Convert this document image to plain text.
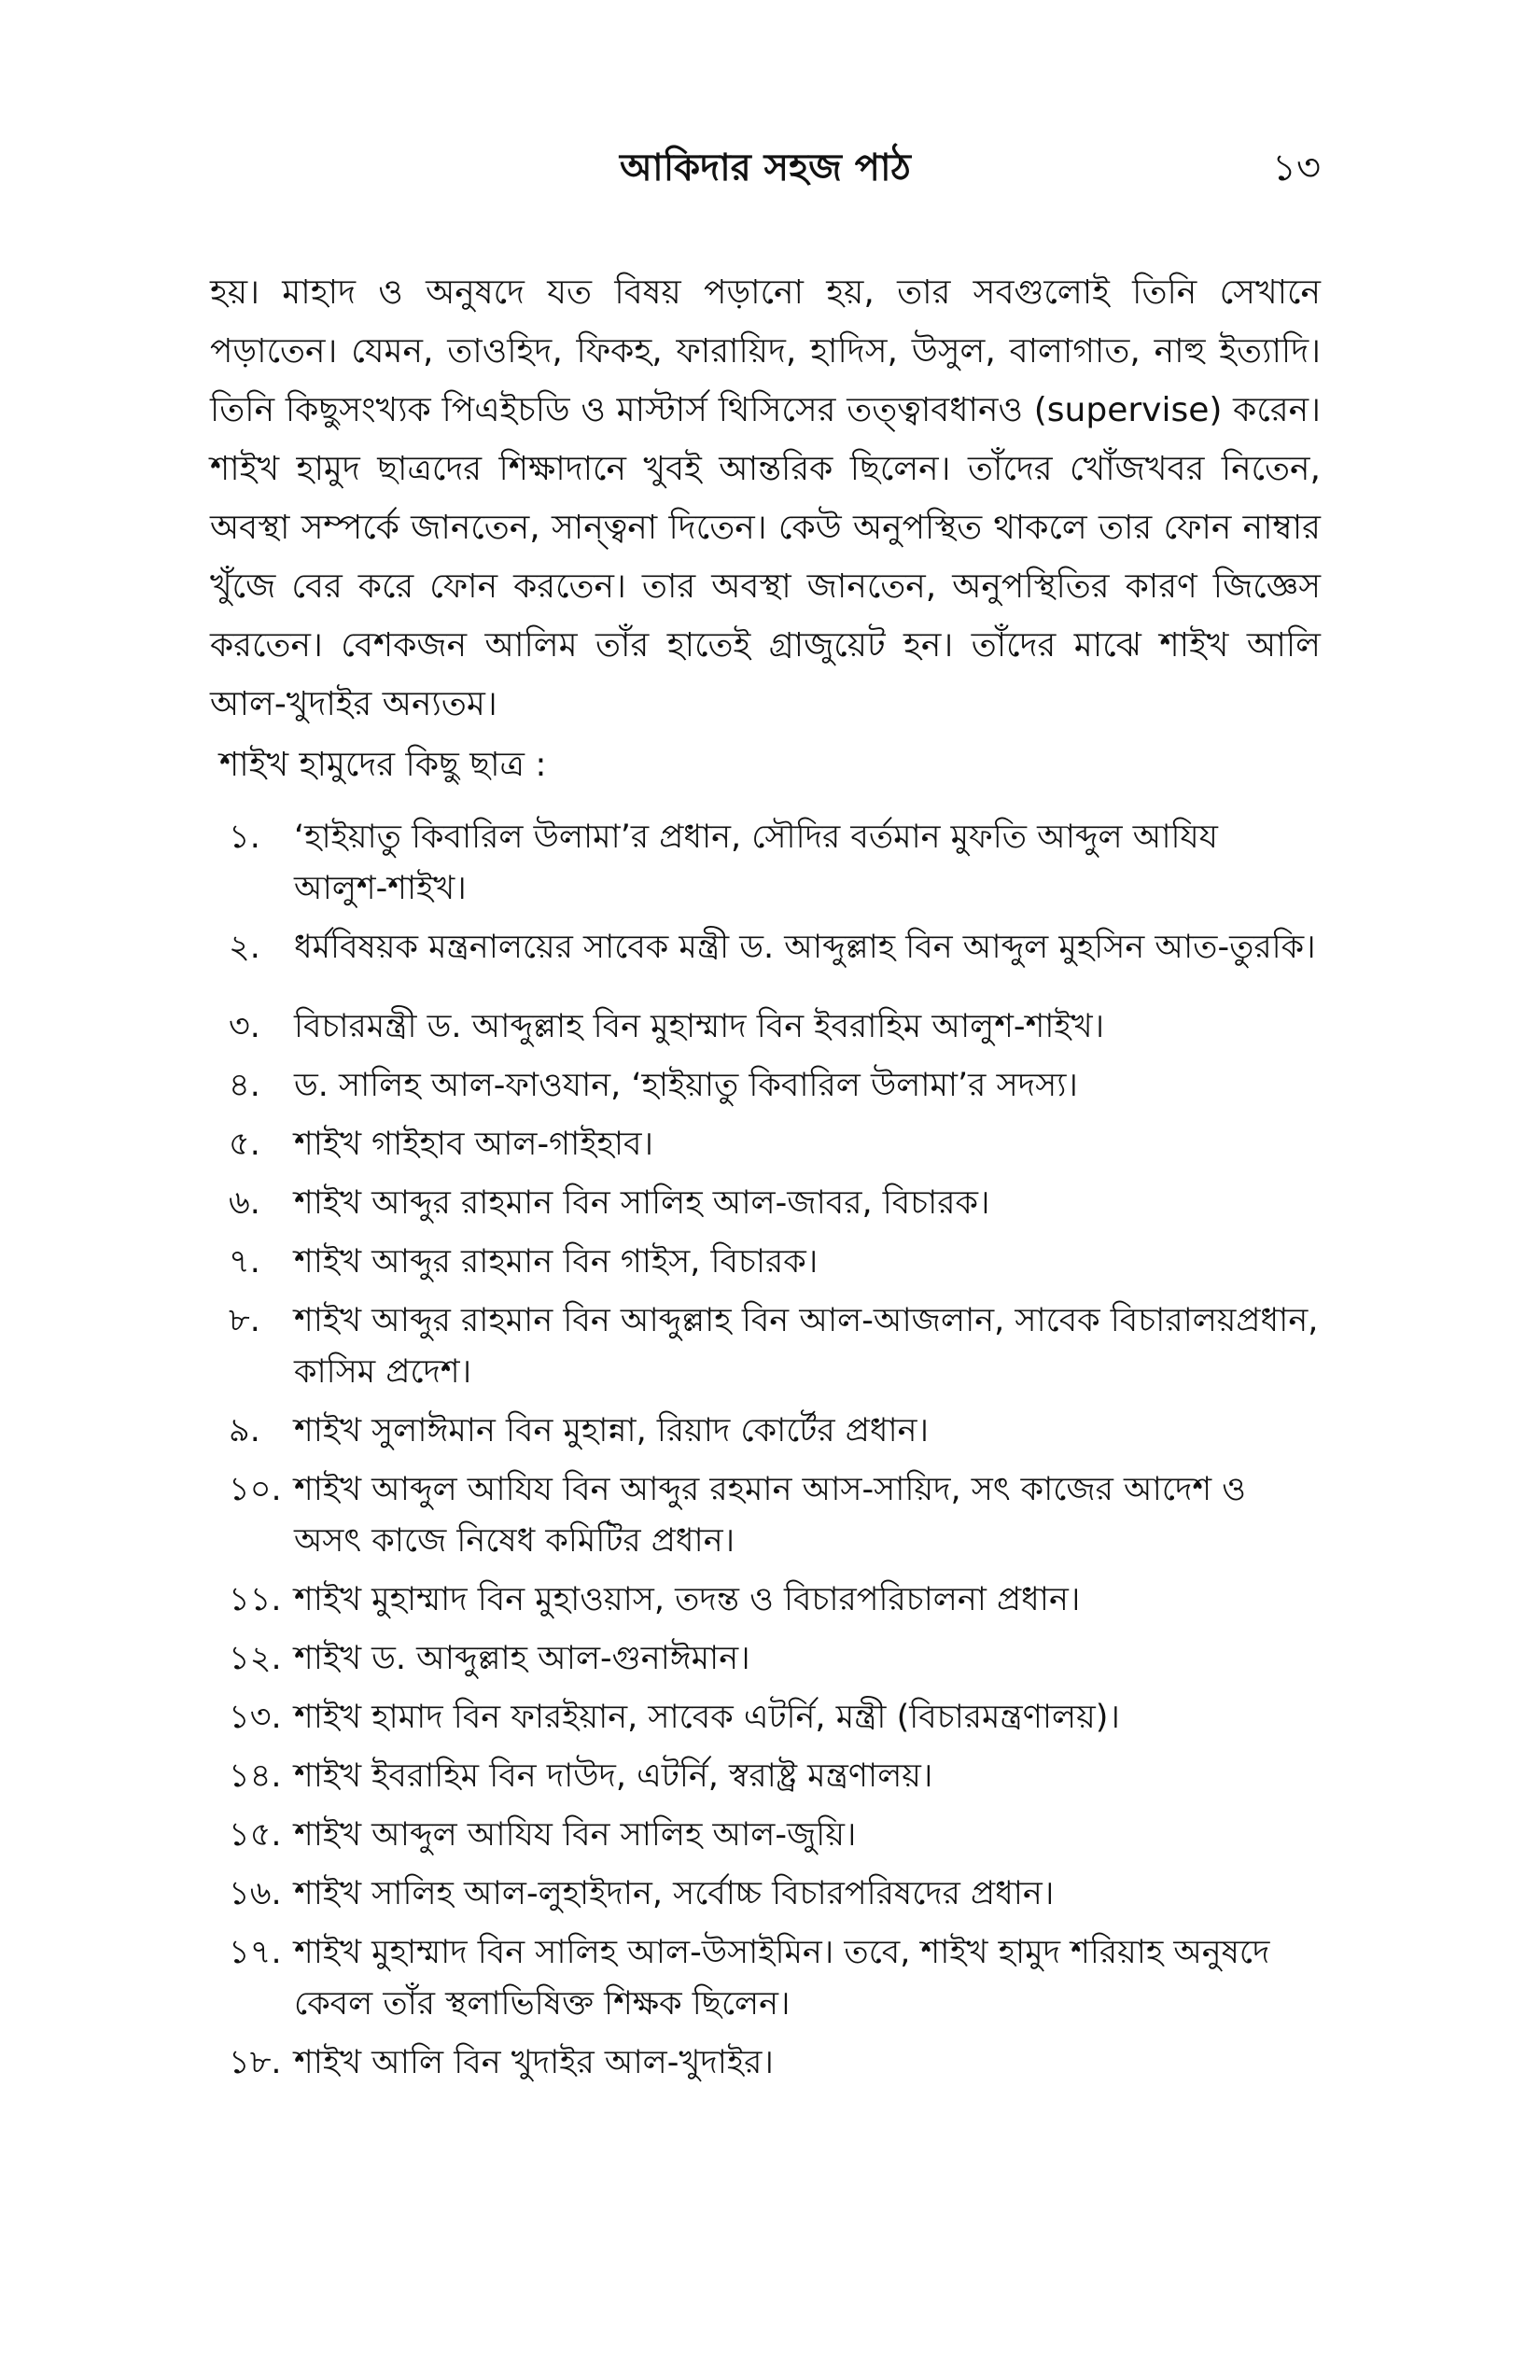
আকিদার সহজ পাঠ	১৩

হয়। মাহাদ ও অনুষদে যত বিষয় পড়ানো হয়, তার সবগুলোই তিনি সেখানে পড়াতেন। যেমন, তাওহিদ, ফিকহ, ফারায়িদ, হাদিস, উসুল, বালাগাত, নাহু ইত্যাদি। তিনি কিছুসংখ্যক পিএইচডি ও মাস্টার্স থিসিসের তত্ত্বাবধানও (supervise) করেন। শাইখ হামুদ ছাত্রদের শিক্ষাদানে খুবই আন্তরিক ছিলেন। তাঁদের খোঁজখবর নিতেন, অবস্থা সম্পর্কে জানতেন, সান্ত্বনা দিতেন। কেউ অনুপস্থিত থাকলে তার ফোন নাম্বার খুঁজে বের করে ফোন করতেন। তার অবস্থা জানতেন, অনুপস্থিতির কারণ জিজ্ঞেস করতেন। বেশকজন আলিম তাঁর হাতেই গ্রাজুয়েট হন। তাঁদের মাঝে শাইখ আলি আল-খুদাইর অন্যতম।

শাইখ হামুদের কিছু ছাত্র :

১.	‘হাইয়াতু কিবারিল উলামা’র প্রধান, সৌদির বর্তমান মুফতি আব্দুল আযিয আলুশ-শাইখ।
২.	ধর্মবিষয়ক মন্ত্রনালয়ের সাবেক মন্ত্রী ড. আব্দুল্লাহ বিন আব্দুল মুহসিন আত-তুরকি।
৩.	বিচারমন্ত্রী ড. আব্দুল্লাহ বিন মুহাম্মাদ বিন ইবরাহিম আলুশ-শাইখ।
৪.	ড. সালিহ আল-ফাওযান, ‘হাইয়াতু কিবারিল উলামা’র সদস্য।
৫.	শাইখ গাইহাব আল-গাইহাব।
৬.	শাইখ আব্দুর রাহমান বিন সালিহ আল-জাবর, বিচারক।
৭.	শাইখ আব্দুর রাহমান বিন গাইস, বিচারক।
৮.	শাইখ আব্দুর রাহমান বিন আব্দুল্লাহ বিন আল-আজলান, সাবেক বিচারালয়প্রধান, কাসিম প্রদেশ।
৯.	শাইখ সুলাঈমান বিন মুহান্না, রিয়াদ কোর্টের প্রধান।
১০. শাইখ আব্দুল আযিয বিন আব্দুর রহমান আস-সায়িদ, সৎ কাজের আদেশ ও অসৎ কাজে নিষেধ কমিটির প্রধান।
১১. শাইখ মুহাম্মাদ বিন মুহাওয়াস, তদন্ত ও বিচারপরিচালনা প্রধান।
১২. শাইখ ড. আব্দুল্লাহ আল-গুনাঈমান।
১৩. শাইখ হামাদ বিন ফারইয়ান, সাবেক এটর্নি, মন্ত্রী (বিচারমন্ত্রণালয়)।
১৪. শাইখ ইবরাহিম বিন দাউদ, এটর্নি, স্বরাষ্ট্র মন্ত্রণালয়।
১৫. শাইখ আব্দুল আযিয বিন সালিহ আল-জুয়ি।
১৬. শাইখ সালিহ আল-লুহাইদান, সর্বোচ্চ বিচারপরিষদের প্রধান।
১৭. শাইখ মুহাম্মাদ বিন সালিহ আল-উসাইমিন। তবে, শাইখ হামুদ শরিয়াহ অনুষদে কেবল তাঁর স্থলাভিষিক্ত শিক্ষক ছিলেন।
১৮. শাইখ আলি বিন খুদাইর আল-খুদাইর।
